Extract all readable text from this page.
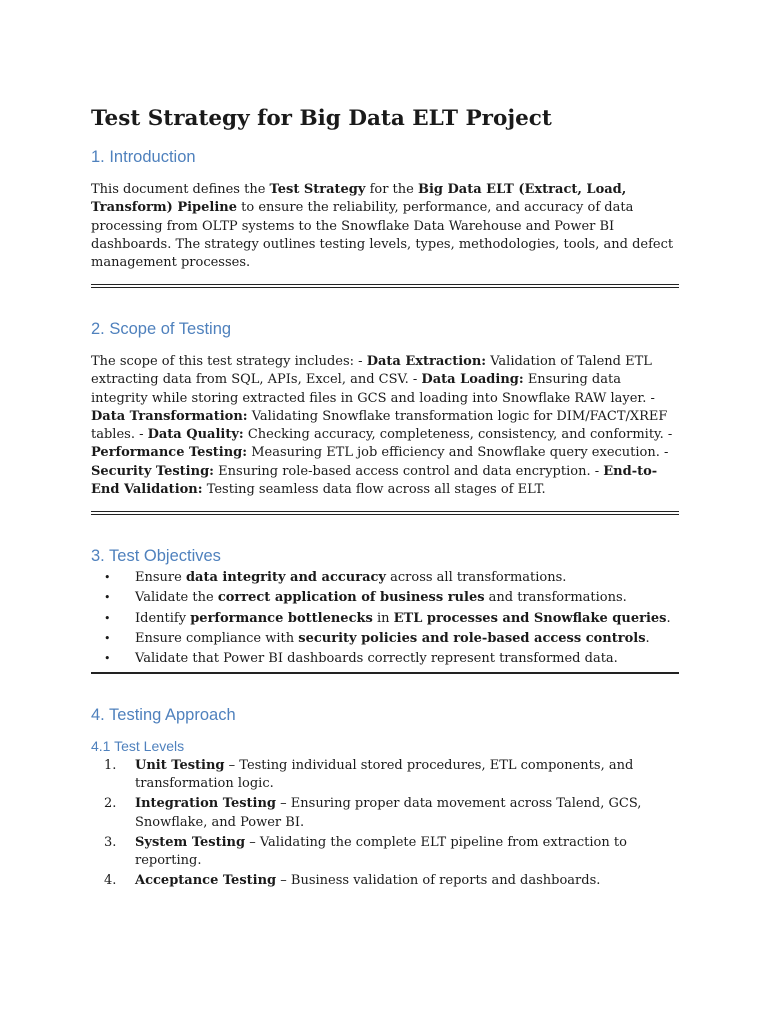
Test Strategy for Big Data ELT Project
1. Introduction

This document defines the Test Strategy for the Big Data ELT (Extract, Load, Transform) Pipeline to ensure the reliability, performance, and accuracy of data processing from OLTP systems to the Snowflake Data Warehouse and Power BI dashboards. The strategy outlines testing levels, types, methodologies, tools, and defect management processes.

2. Scope of Testing

The scope of this test strategy includes: - Data Extraction: Validation of Talend ETL extracting data from SQL, APIs, Excel, and CSV. - Data Loading: Ensuring data integrity while storing extracted files in GCS and loading into Snowflake RAW layer. - Data Transformation: Validating Snowflake transformation logic for DIM/FACT/XREF tables. - Data Quality: Checking accuracy, completeness, consistency, and conformity. - Performance Testing: Measuring ETL job efficiency and Snowflake query execution. - Security Testing: Ensuring role-based access control and data encryption. - End-to-End Validation: Testing seamless data flow across all stages of ELT.

3. Test Objectives
• Ensure data integrity and accuracy across all transformations.
• Validate the correct application of business rules and transformations.
• Identify performance bottlenecks in ETL processes and Snowflake queries.
• Ensure compliance with security policies and role-based access controls.
• Validate that Power BI dashboards correctly represent transformed data.
4. Testing Approach
4.1 Test Levels
1. Unit Testing – Testing individual stored procedures, ETL components, and transformation logic.
2. Integration Testing – Ensuring proper data movement across Talend, GCS, Snowflake, and Power BI.
3. System Testing – Validating the complete ELT pipeline from extraction to reporting.
4. Acceptance Testing – Business validation of reports and dashboards.
